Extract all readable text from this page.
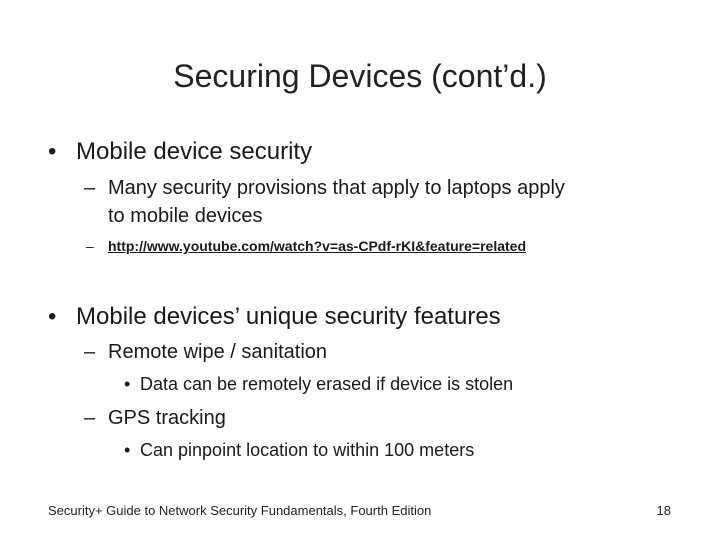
Securing Devices (cont’d.)
• Mobile device security
– Many security provisions that apply to laptops apply
to mobile devices
– http://www.youtube.com/watch?v=as-CPdf-rKI&feature=related
• Mobile devices’ unique security features
– Remote wipe / sanitation
• Data can be remotely erased if device is stolen
– GPS tracking
• Can pinpoint location to within 100 meters
Security+ Guide to Network Security Fundamentals, Fourth Edition	18
